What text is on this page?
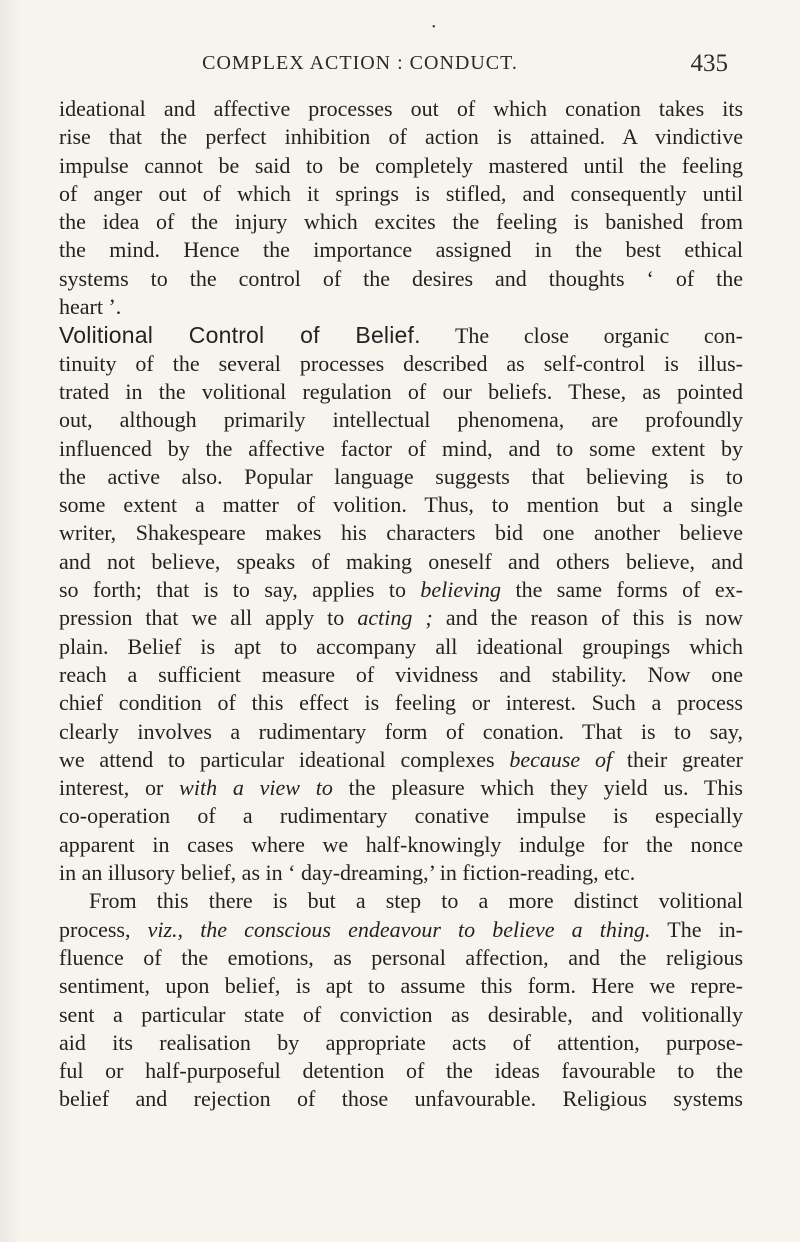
•
COMPLEX ACTION : CONDUCT.	435
ideational and affective processes out of which conation takes its
rise that the perfect inhibition of action is attained. A vindictive
impulse cannot be said to be completely mastered until the feeling
of anger out of which it springs is stifled, and consequently until
the idea of the injury which excites the feeling is banished from
the mind. Hence the importance assigned in the best ethical
systems to the control of the desires and thoughts ‘ of the
heart ’.
Volitional Control of Belief. The close organic con-
tinuity of the several processes described as self-control is illus-
trated in the volitional regulation of our beliefs. These, as pointed
out, although primarily intellectual phenomena, are profoundly
influenced by the affective factor of mind, and to some extent by
the active also. Popular language suggests that believing is to
some extent a matter of volition. Thus, to mention but a single
writer, Shakespeare makes his characters bid one another believe
and not believe, speaks of making oneself and others believe, and
so forth; that is to say, applies to believing the same forms of ex-
pression that we all apply to acting ; and the reason of this is now
plain. Belief is apt to accompany all ideational groupings which
reach a sufficient measure of vividness and stability. Now one
chief condition of this effect is feeling or interest. Such a process
clearly involves a rudimentary form of conation. That is to say,
we attend to particular ideational complexes because of their greater
interest, or with a view to the pleasure which they yield us. This
co-operation of a rudimentary conative impulse is especially
apparent in cases where we half-knowingly indulge for the nonce
in an illusory belief, as in ‘ day-dreaming,’ in fiction-reading, etc.
From this there is but a step to a more distinct volitional
process, viz., the conscious endeavour to believe a thing. The in-
fluence of the emotions, as personal affection, and the religious
sentiment, upon belief, is apt to assume this form. Here we repre-
sent a particular state of conviction as desirable, and volitionally
aid its realisation by appropriate acts of attention, purpose-
ful or half-purposeful detention of the ideas favourable to the
belief and rejection of those unfavourable. Religious systems
